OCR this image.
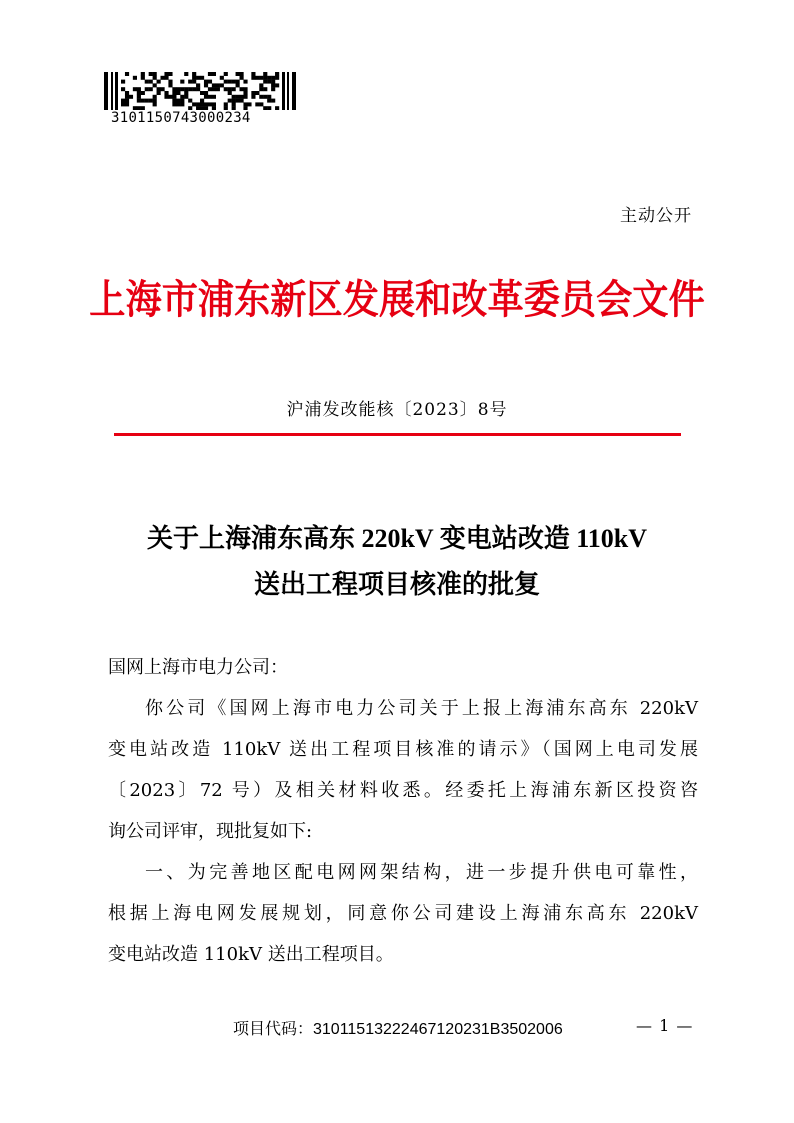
3101150743000234
主动公开
上海市浦东新区发展和改革委员会文件
沪浦发改能核〔2023〕8号
关于上海浦东高东 220kV 变电站改造 110kV
送出工程项目核准的批复
国网上海市电力公司：
你公司《国网上海市电力公司关于上报上海浦东高东 220kV
变电站改造 110kV 送出工程项目核准的请示》（国网上电司发展
〔2023〕72 号）及相关材料收悉。经委托上海浦东新区投资咨
询公司评审，现批复如下:
一、为完善地区配电网网架结构，进一步提升供电可靠性，
根据上海电网发展规划，同意你公司建设上海浦东高东 220kV
变电站改造 110kV 送出工程项目。
项目代码：31011513222467120231B3502006	— 1 —
